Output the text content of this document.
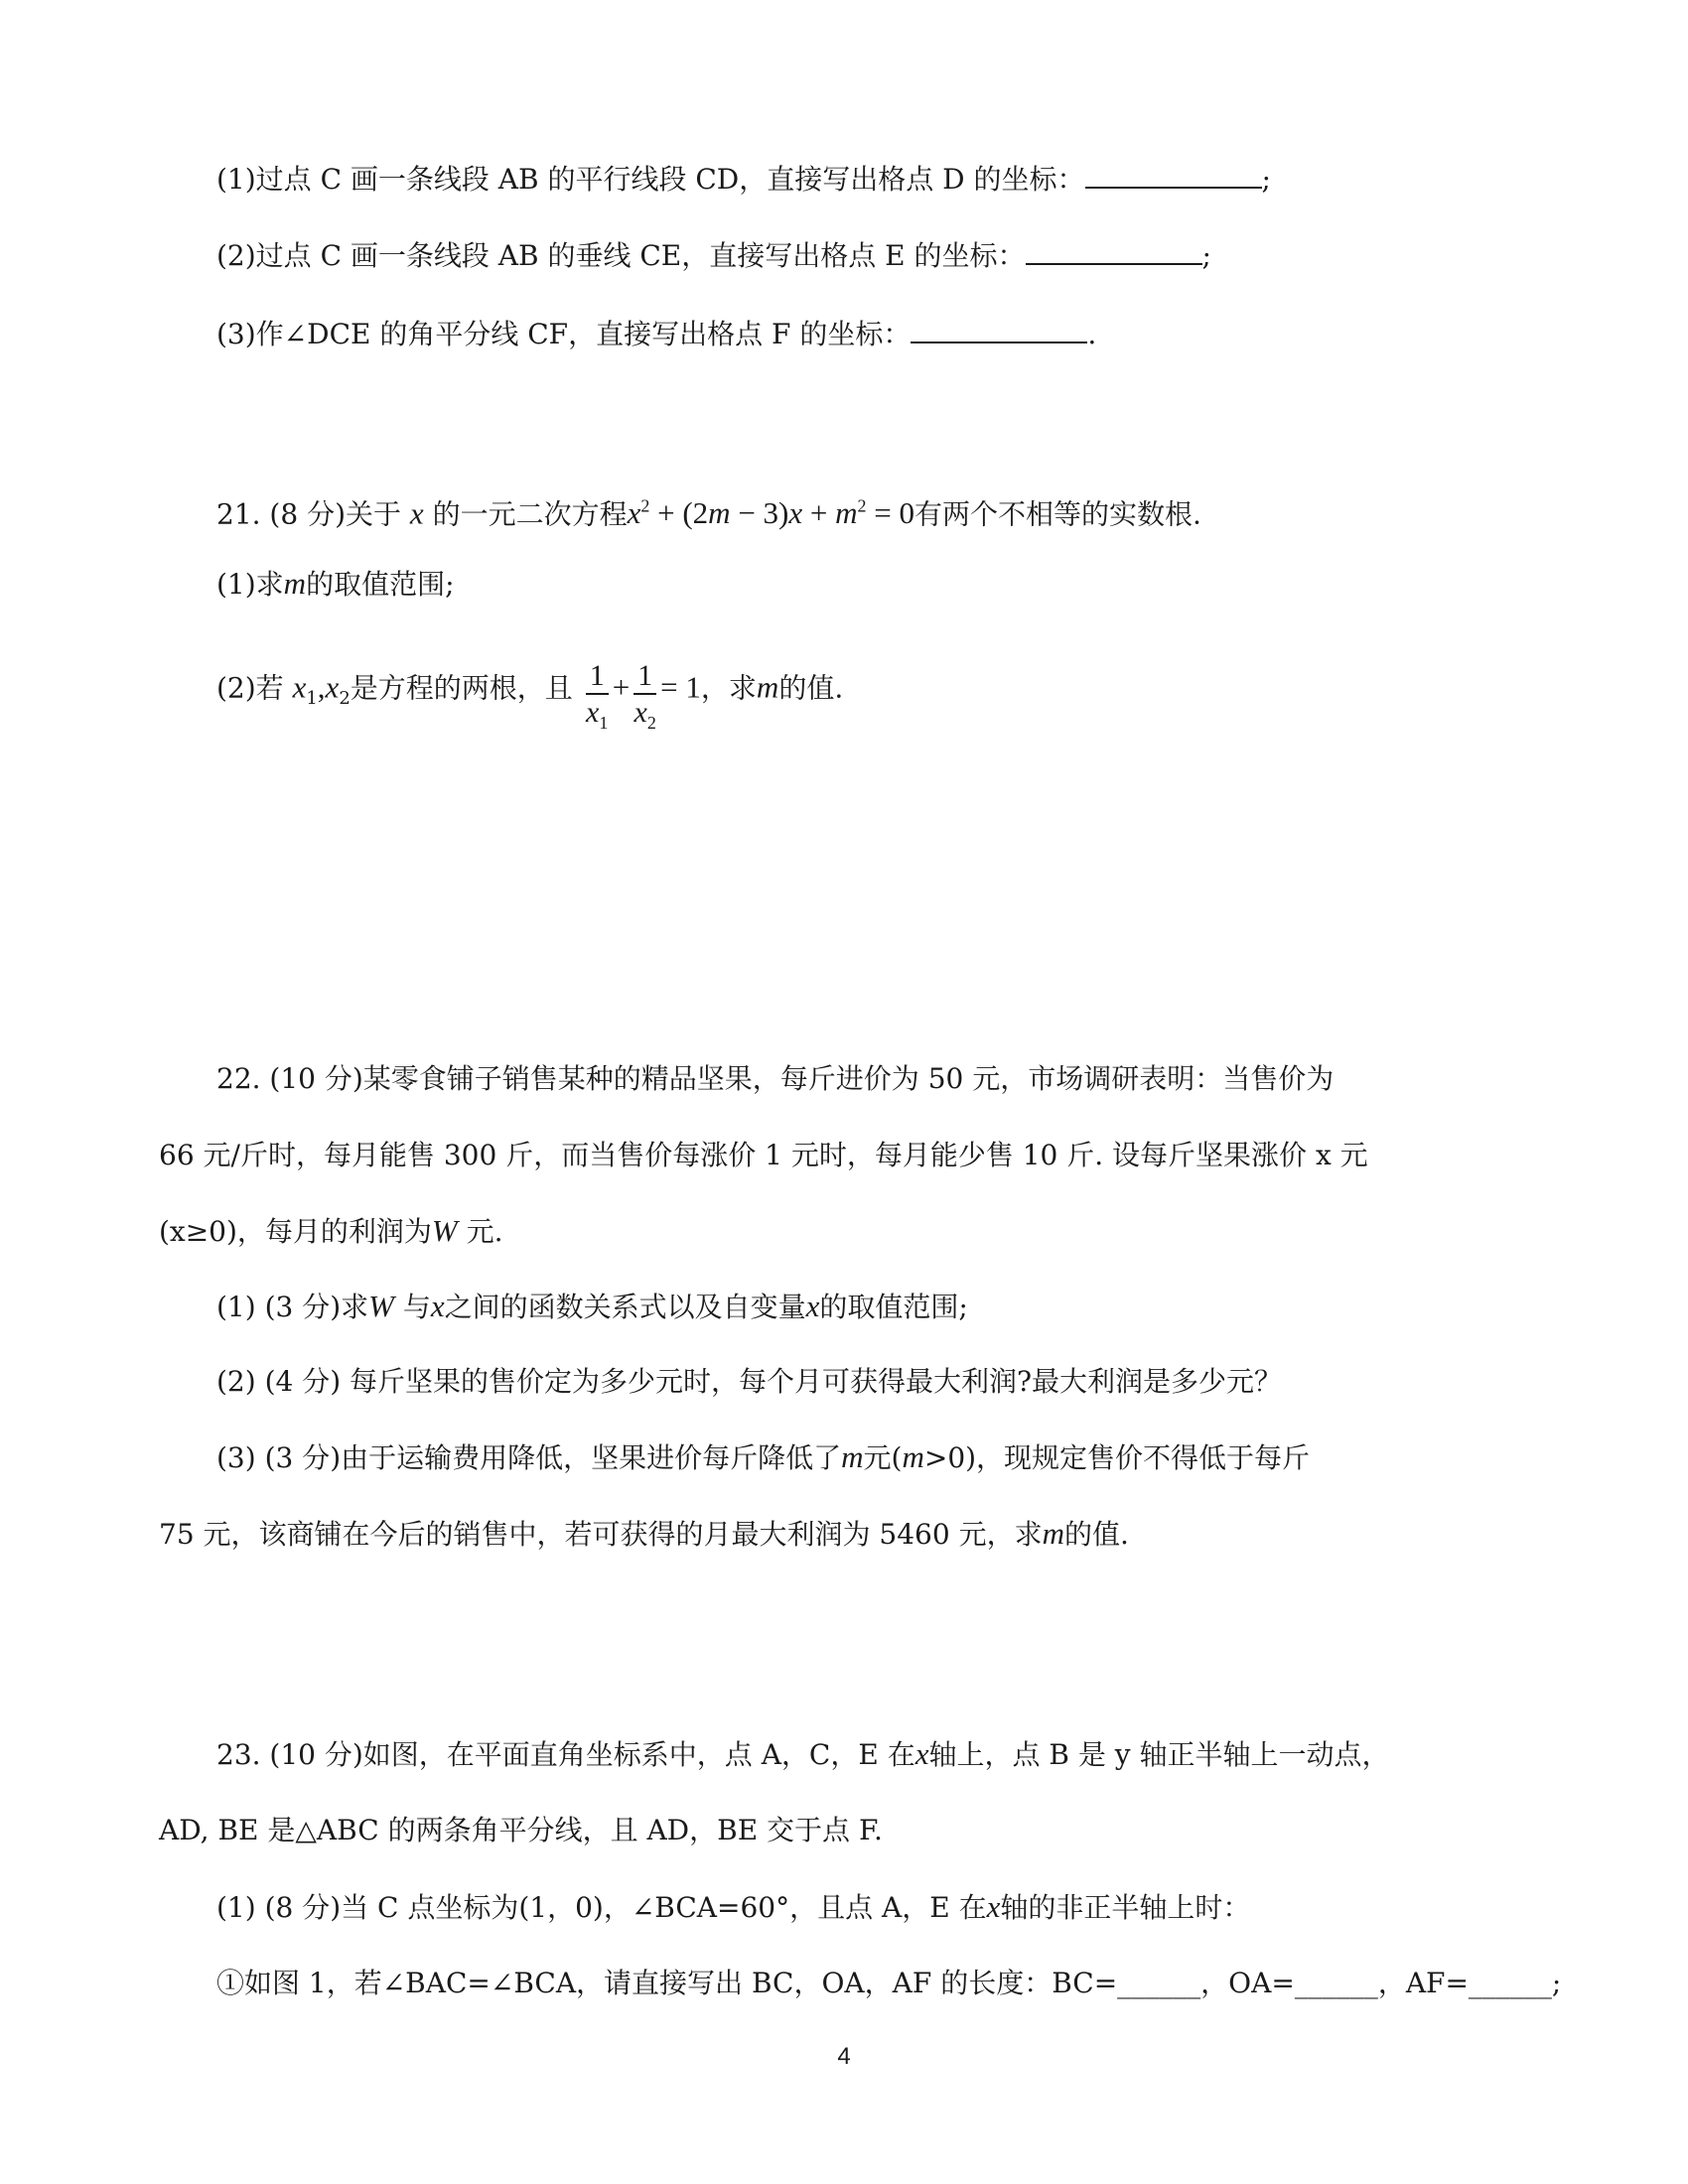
(1)过点 C 画一条线段 AB 的平行线段 CD，直接写出格点 D 的坐标：	;
(2)过点 C 画一条线段 AB 的垂线 CE，直接写出格点 E 的坐标：	;
(3)作∠DCE 的角平分线 CF，直接写出格点 F 的坐标：	.
21. (8 分)关于 x 的一元二次方程$x^2 + (2m - 3)x + m^2 = 0$有两个不相等的实数根.
(1)求m的取值范围;
(2)若 $x_1,x_2$是方程的两根，且 $\frac{1}{x_1} + \frac{1}{x_2} = 1$，求m的值.
22. (10 分)某零食铺子销售某种的精品坚果，每斤进价为 50 元，市场调研表明：当售价为
66 元/斤时，每月能售 300 斤，而当售价每涨价 1 元时，每月能少售 10 斤. 设每斤坚果涨价 x 元
(x≥0)，每月的利润为W 元.
(1) (3 分)求W 与x之间的函数关系式以及自变量x的取值范围;
(2) (4 分) 每斤坚果的售价定为多少元时，每个月可获得最大利润?最大利润是多少元？
(3) (3 分)由于运输费用降低，坚果进价每斤降低了m元(m>0)，现规定售价不得低于每斤
75 元，该商铺在今后的销售中，若可获得的月最大利润为 5460 元，求m的值.
23. (10 分)如图，在平面直角坐标系中，点 A，C，E 在x轴上，点 B 是 y 轴正半轴上一动点，
AD, BE 是△ABC 的两条角平分线，且 AD，BE 交于点 F.
(1) (8 分)当 C 点坐标为(1，0)，∠BCA=60°，且点 A，E 在x轴的非正半轴上时：
①如图 1，若∠BAC=∠BCA，请直接写出 BC，OA，AF 的长度：BC=______，OA=______，AF=______;
4
